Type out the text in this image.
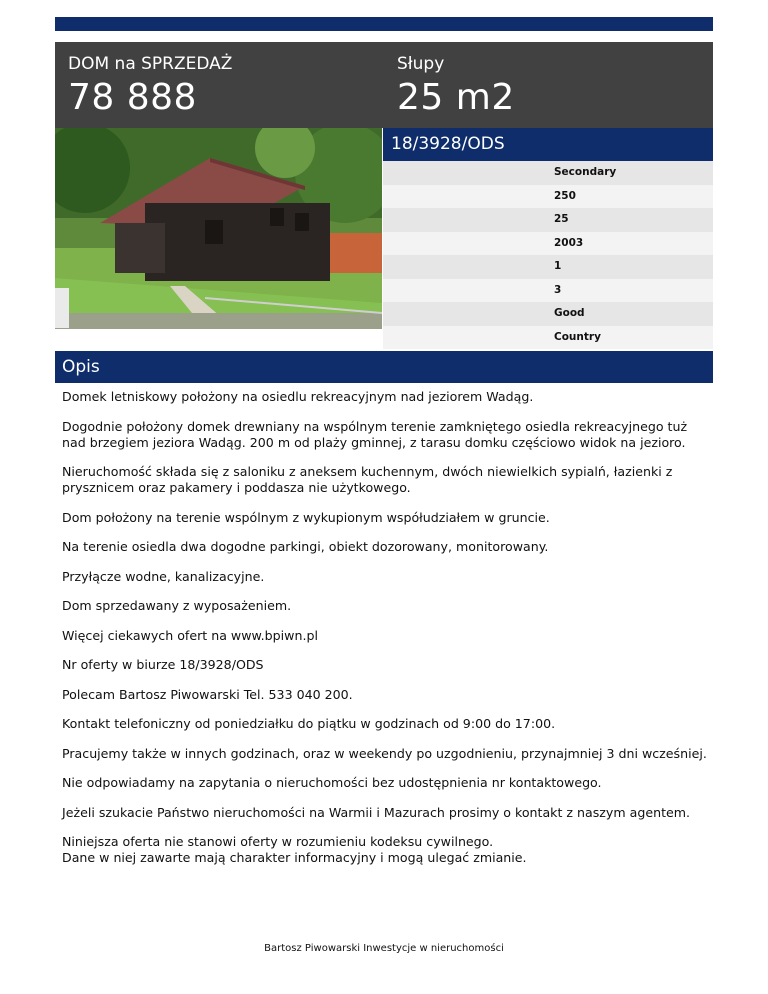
DOM na SPRZEDAŻ
78 888
Słupy
25 m2
18/3928/ODS
Secondary
250
25
2003
1
3
Good
Country
Opis

Domek letniskowy położony na osiedlu rekreacyjnym nad jeziorem Wadąg.

Dogodnie położony domek drewniany na wspólnym terenie zamkniętego osiedla rekreacyjnego tuż nad brzegiem jeziora Wadąg. 200 m od plaży gminnej, z tarasu domku częściowo widok na jezioro.

Nieruchomość składa się z saloniku z aneksem kuchennym, dwóch niewielkich sypialń, łazienki z prysznicem oraz pakamery i poddasza nie użytkowego.

Dom położony na terenie wspólnym z wykupionym współudziałem w gruncie.

Na terenie osiedla dwa dogodne parkingi, obiekt dozorowany, monitorowany.

Przyłącze wodne, kanalizacyjne.

Dom sprzedawany z wyposażeniem.

Więcej ciekawych ofert na www.bpiwn.pl

Nr oferty w biurze 18/3928/ODS

Polecam Bartosz Piwowarski Tel. 533 040 200.

Kontakt telefoniczny od poniedziałku do piątku w godzinach od 9:00 do 17:00.

Pracujemy także w innych godzinach, oraz w weekendy po uzgodnieniu, przynajmniej 3 dni wcześniej.

Nie odpowiadamy na zapytania o nieruchomości bez udostępnienia nr kontaktowego.

Jeżeli szukacie Państwo nieruchomości na Warmii i Mazurach prosimy o kontakt z naszym agentem.

Niniejsza oferta nie stanowi oferty w rozumieniu kodeksu cywilnego.
Dane w niej zawarte mają charakter informacyjny i mogą ulegać zmianie.

Bartosz Piwowarski Inwestycje w nieruchomości
